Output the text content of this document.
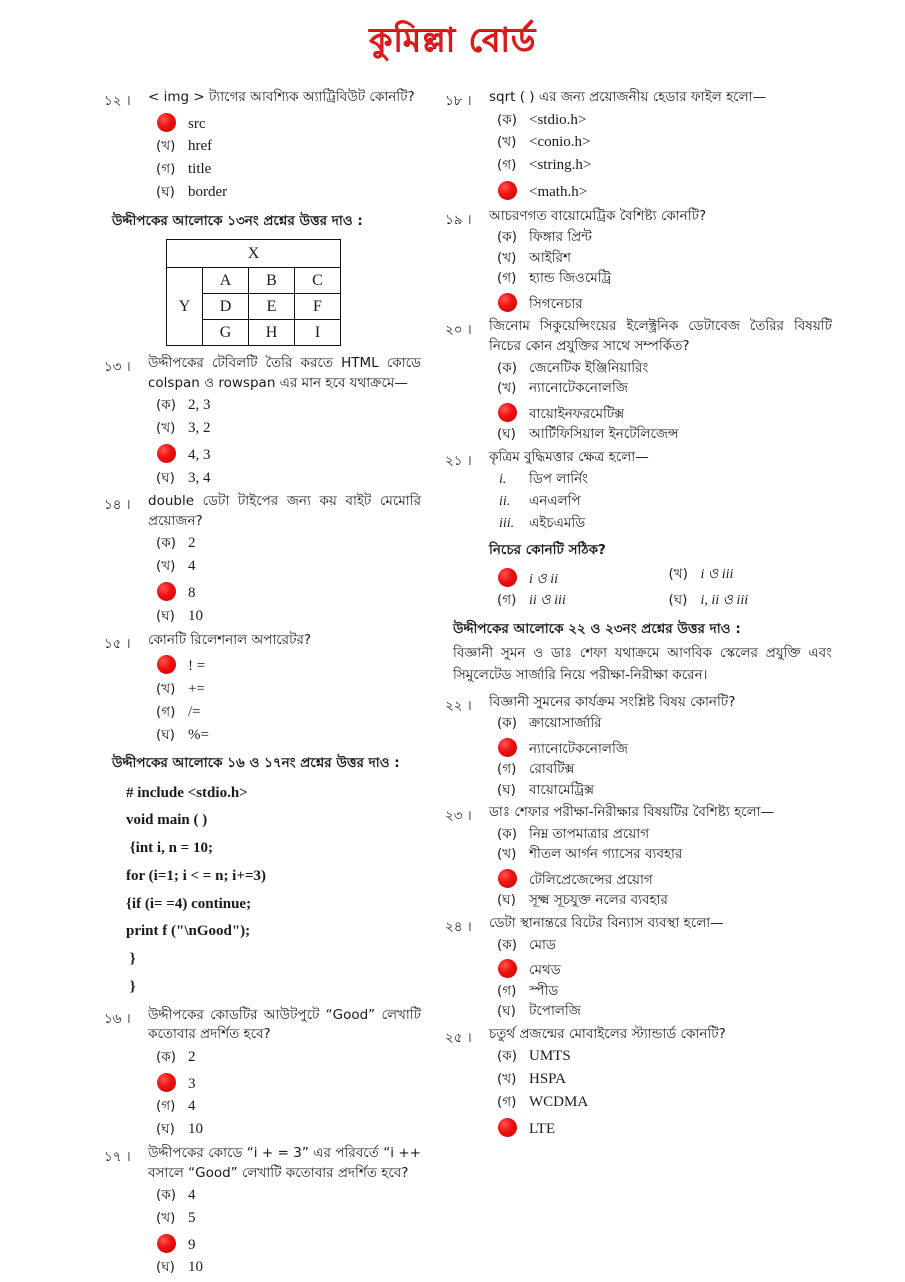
কুমিল্লা বোর্ড
১২ ।	< img > ট্যাগের আবশ্যিক অ্যাট্রিবিউট কোনটি?
src
(খ) href
(গ) title
(ঘ) border
উদ্দীপকের আলোকে ১৩নং প্রশ্নের উত্তর দাও :
X			
Y	A	B	C
	D	E	F
	G	H	I
১৩ ।	উদ্দীপকের টেবিলটি তৈরি করতে HTML কোডে colspan ও rowspan এর মান হবে যথাক্রমে—
(ক) 2, 3
(খ) 3, 2
4, 3
(ঘ) 3, 4
১৪ ।	double ডেটা টাইপের জন্য কয় বাইট মেমোরি প্রয়োজন?
(ক) 2
(খ) 4
8
(ঘ) 10
১৫ ।	কোনটি রিলেশনাল অপারেটর?
! =
(খ) +=
(গ) /=
(ঘ) %=
উদ্দীপকের আলোকে ১৬ ও ১৭নং প্রশ্নের উত্তর দাও :
# include <stdio.h>
void main ( )
{int i, n = 10;
for (i=1; i < = n; i+=3)
{if (i= =4) continue;
print f ("\nGood");
}
}
১৬ ।	উদ্দীপকের কোডটির আউটপুটে “Good” লেখাটি কতোবার প্রদর্শিত হবে?
(ক) 2
3
(গ) 4
(ঘ) 10
১৭ ।	উদ্দীপকের কোডে “i + = 3” এর পরিবর্তে “i ++ বসালে “Good” লেখাটি কতোবার প্রদর্শিত হবে?
(ক) 4
(খ) 5
9
(ঘ) 10
১৮ ।	sqrt ( ) এর জন্য প্রয়োজনীয় হেডার ফাইল হলো—
(ক) <stdio.h>
(খ) <conio.h>
(গ) <string.h>
<math.h>
১৯ ।	আচরণগত বায়োমেট্রিক বৈশিষ্ট্য কোনটি?
(ক) ফিঙ্গার প্রিন্ট
(খ) আইরিশ
(গ) হ্যান্ড জিওমেট্রি
সিগনেচার
২০ ।	জিনোম সিকুয়েন্সিংয়ের ইলেক্ট্রনিক ডেটাবেজ তৈরির বিষয়টি নিচের কোন প্রযুক্তির সাথে সম্পর্কিত?
(ক) জেনেটিক ইঞ্জিনিয়ারিং
(খ) ন্যানোটেকনোলজি
বায়োইনফরমেটিক্স
(ঘ) আর্টিফিসিয়াল ইনটেলিজেন্স
২১ ।	কৃত্রিম বুদ্ধিমত্তার ক্ষেত্র হলো—
i.	ডিপ লার্নিং
ii.	এনএলপি
iii.	এইচএমডি
নিচের কোনটি সঠিক?
i ও ii	(খ) i ও iii
(গ) ii ও iii	(ঘ) i, ii ও iii
উদ্দীপকের আলোকে ২২ ও ২৩নং প্রশ্নের উত্তর দাও :
বিজ্ঞানী সুমন ও ডাঃ শেফা যথাক্রমে আণবিক স্কেলের প্রযুক্তি এবং সিমুলেটেড সার্জারি নিয়ে পরীক্ষা-নিরীক্ষা করেন।
২২ ।	বিজ্ঞানী সুমনের কার্যক্রম সংশ্লিষ্ট বিষয় কোনটি?
(ক) ক্রায়োসার্জারি
ন্যানোটেকনোলজি
(গ) রোবটিক্স
(ঘ) বায়োমেট্রিক্স
২৩ ।	ডাঃ শেফার পরীক্ষা-নিরীক্ষার বিষয়টির বৈশিষ্ট্য হলো—
(ক) নিম্ন তাপমাত্রার প্রয়োগ
(খ) শীতল আর্গন গ্যাসের ব্যবহার
টেলিপ্রেজেন্সের প্রয়োগ
(ঘ) সূক্ষ্ম সূচযুক্ত নলের ব্যবহার
২৪ ।	ডেটা স্থানান্তরে বিটের বিন্যাস ব্যবস্থা হলো—
(ক) মোড
মেথড
(গ) স্পীড
(ঘ) টপোলজি
২৫ ।	চতুর্থ প্রজন্মের মোবাইলের স্ট্যান্ডার্ড কোনটি?
(ক) UMTS
(খ) HSPA
(গ) WCDMA
LTE
